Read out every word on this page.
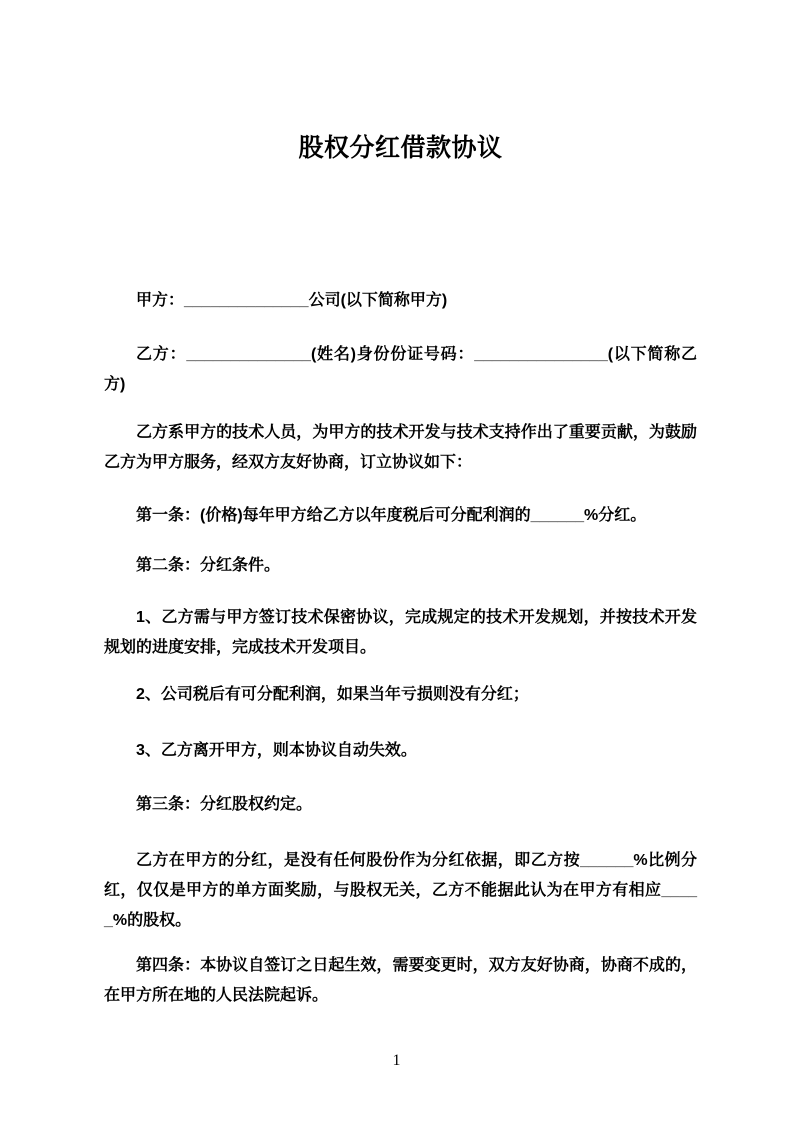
股权分红借款协议

甲方：______________公司(以下简称甲方)

乙方：______________(姓名)身份份证号码：_______________(以下简称乙方)

乙方系甲方的技术人员，为甲方的技术开发与技术支持作出了重要贡献，为鼓励乙方为甲方服务，经双方友好协商，订立协议如下：

第一条：(价格)每年甲方给乙方以年度税后可分配利润的______%分红。

第二条：分红条件。

1、乙方需与甲方签订技术保密协议，完成规定的技术开发规划，并按技术开发规划的进度安排，完成技术开发项目。

2、公司税后有可分配利润，如果当年亏损则没有分红；

3、乙方离开甲方，则本协议自动失效。

第三条：分红股权约定。

乙方在甲方的分红，是没有任何股份作为分红依据，即乙方按______%比例分红，仅仅是甲方的单方面奖励，与股权无关，乙方不能据此认为在甲方有相应_____%的股权。

第四条：本协议自签订之日起生效，需要变更时，双方友好协商，协商不成的，在甲方所在地的人民法院起诉。

1
